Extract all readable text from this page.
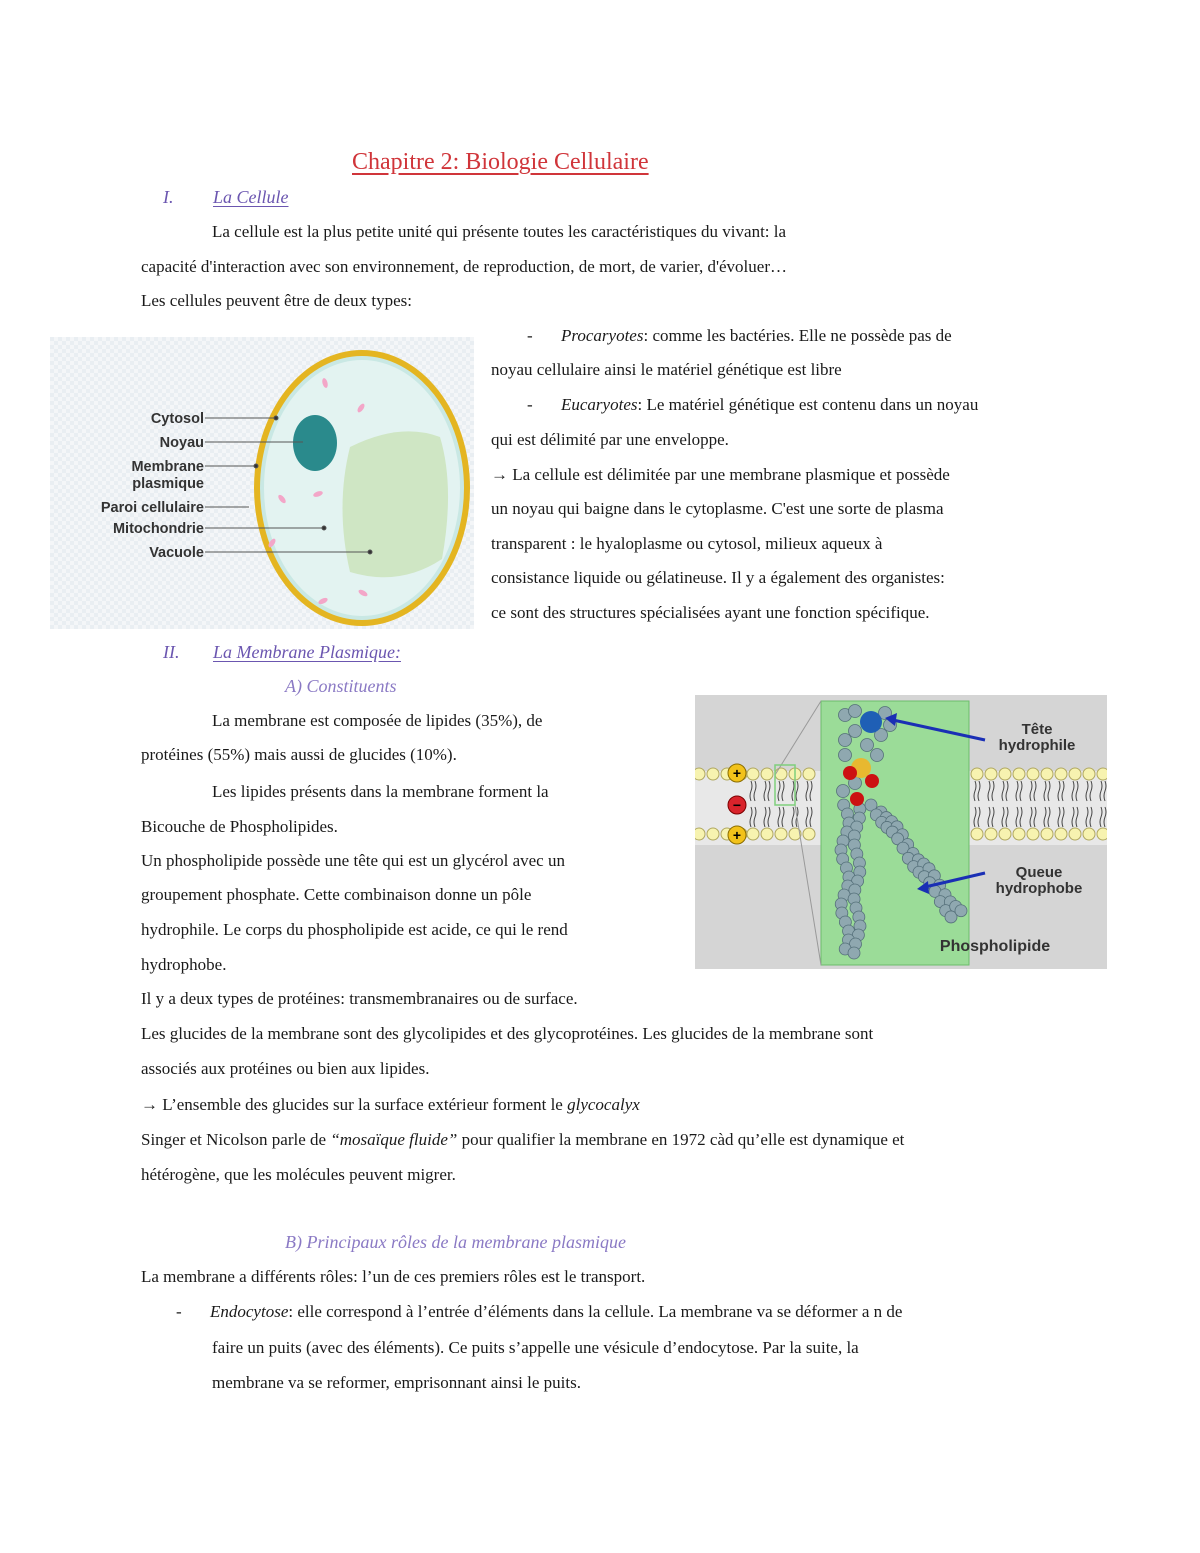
Chapitre 2: Biologie Cellulaire

I. La Cellule

La cellule est la plus petite unité qui présente toutes les caractéristiques du vivant: la

capacité d'interaction avec son environnement, de reproduction, de mort, de varier, d'évoluer…

Les cellules peuvent être de deux types:

- Procaryotes: comme les bactéries. Elle ne possède pas de

noyau cellulaire ainsi le matériel génétique est libre

- Eucaryotes: Le matériel génétique est contenu dans un noyau

qui est délimité par une enveloppe.

→ La cellule est délimitée par une membrane plasmique et possède

un noyau qui baigne dans le cytoplasme. C'est une sorte de plasma

transparent : le hyaloplasme ou cytosol, milieux aqueux à

consistance liquide ou gélatineuse. Il y a également des organistes:

ce sont des structures spécialisées ayant une fonction spécifique.

Cytosol
Noyau
Membrane
plasmique
Paroi cellulaire
Mitochondrie
Vacuole

II. La Membrane Plasmique:

A) Constituents

La membrane est composée de lipides (35%), de

protéines (55%) mais aussi de glucides (10%).

Les lipides présents dans la membrane forment la

Bicouche de Phospholipides.

Un phospholipide possède une tête qui est un glycérol avec un

groupement phosphate. Cette combinaison donne un pôle

hydrophile. Le corps du phospholipide est acide, ce qui le rend

hydrophobe.

Il y a deux types de protéines: transmembranaires ou de surface.

Les glucides de la membrane sont des glycolipides et des glycoprotéines. Les glucides de la membrane sont

associés aux protéines ou bien aux lipides.

→ L’ensemble des glucides sur la surface extérieur forment le glycocalyx

Singer et Nicolson parle de “mosaïque fluide” pour qualifier la membrane en 1972 càd qu’elle est dynamique et

hétérogène, que les molécules peuvent migrer.

B) Principaux rôles de la membrane plasmique

La membrane a différents rôles: l’un de ces premiers rôles est le transport.

- Endocytose: elle correspond à l’entrée d’éléments dans la cellule. La membrane va se déformer a n de

faire un puits (avec des éléments). Ce puits s’appelle une vésicule d’endocytose. Par la suite, la

membrane va se reformer, emprisonnant ainsi le puits.

+
−
+
Tête
hydrophile
Queue
hydrophobe
Phospholipide
